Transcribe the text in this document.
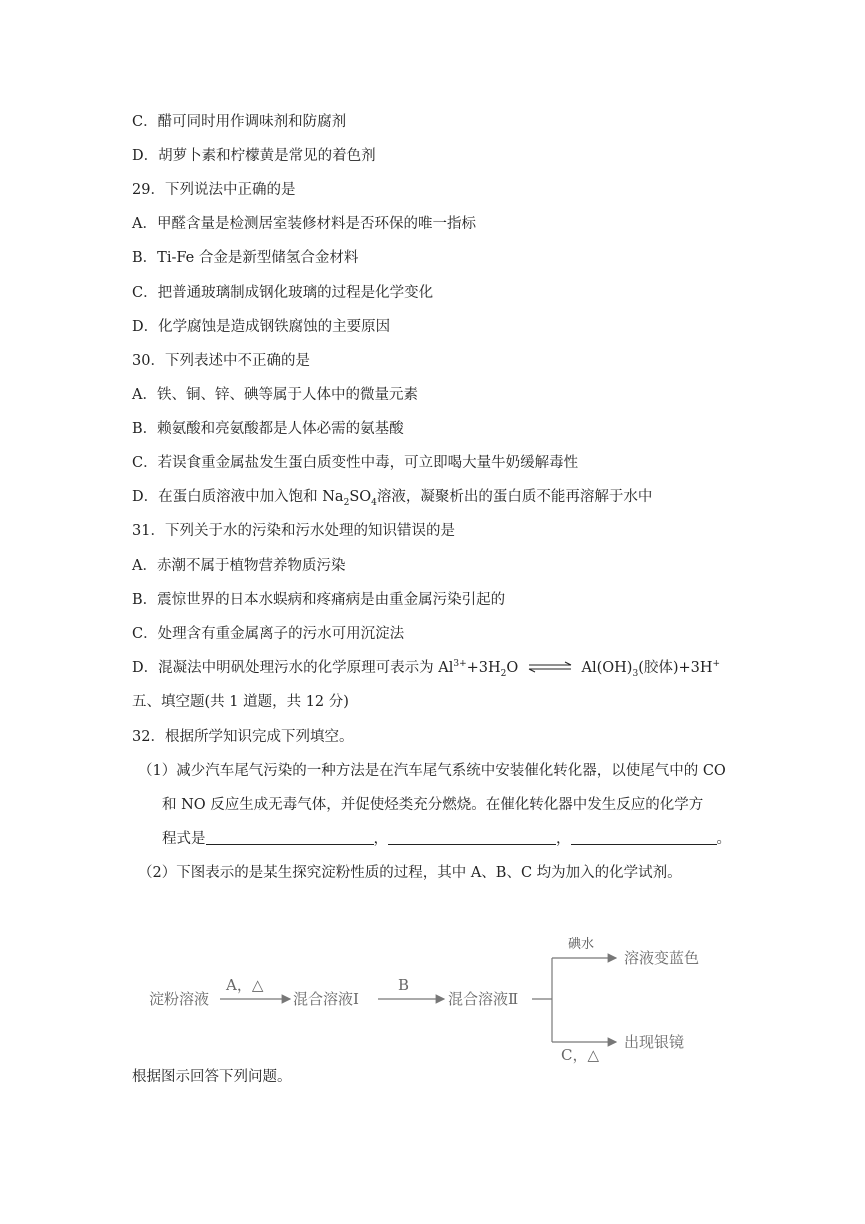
C．醋可同时用作调味剂和防腐剂
D．胡萝卜素和柠檬黄是常见的着色剂
29．下列说法中正确的是
A．甲醛含量是检测居室装修材料是否环保的唯一指标
B．Ti-Fe 合金是新型储氢合金材料
C．把普通玻璃制成钢化玻璃的过程是化学变化
D．化学腐蚀是造成钢铁腐蚀的主要原因
30．下列表述中不正确的是
A．铁、铜、锌、碘等属于人体中的微量元素
B．赖氨酸和亮氨酸都是人体必需的氨基酸
C．若误食重金属盐发生蛋白质变性中毒，可立即喝大量牛奶缓解毒性
D．在蛋白质溶液中加入饱和 $Na_2SO_4$溶液，凝聚析出的蛋白质不能再溶解于水中
31．下列关于水的污染和污水处理的知识错误的是
A．赤潮不属于植物营养物质污染
B．震惊世界的日本水蜈病和疼痛病是由重金属污染引起的
C．处理含有重金属离子的污水可用沉淀法
D．混凝法中明矾处理污水的化学原理可表示为 $Al^{3+}+3H_2O$ ⇌ $Al(OH)_3$(胶体)+3H+
五、填空题(共 1 道题，共 12 分)
32．根据所学知识完成下列填空。
（1）减少汽车尾气污染的一种方法是在汽车尾气系统中安装催化转化器，以使尾气中的 CO
和 NO 反应生成无毒气体，并促使烃类充分燃烧。在催化转化器中发生反应的化学方
程式是	，	，	。
（2）下图表示的是某生探究淀粉性质的过程，其中 A、B、C 均为加入的化学试剂。
淀粉溶液
A，△
混合溶液Ⅰ
B
混合溶液Ⅱ
碘水
溶液变蓝色
C，△
出现银镜
根据图示回答下列问题。
